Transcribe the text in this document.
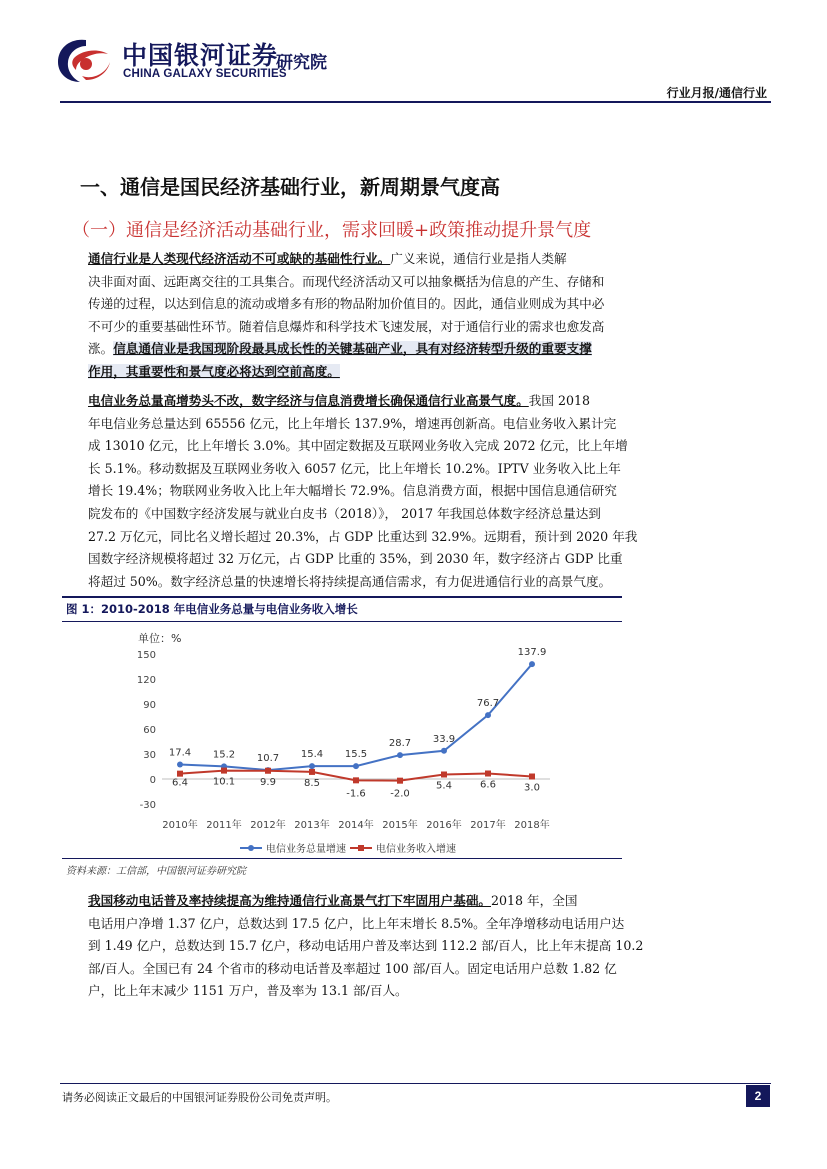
中国银河证券
CHINA GALAXY SECURITIES
研究院
行业月报/通信行业
一、通信是国民经济基础行业，新周期景气度高
（一）通信是经济活动基础行业，需求回暖+政策推动提升景气度
通信行业是人类现代经济活动不可或缺的基础性行业。广义来说，通信行业是指人类解
决非面对面、远距离交往的工具集合。而现代经济活动又可以抽象概括为信息的产生、存储和
传递的过程，以达到信息的流动或增多有形的物品附加价值目的。因此，通信业则成为其中必
不可少的重要基础性环节。随着信息爆炸和科学技术飞速发展，对于通信行业的需求也愈发高
涨。信息通信业是我国现阶段最具成长性的关键基础产业，具有对经济转型升级的重要支撑
作用，其重要性和景气度必将达到空前高度。
电信业务总量高增势头不改，数字经济与信息消费增长确保通信行业高景气度。我国 2018
年电信业务总量达到 65556 亿元，比上年增长 137.9%，增速再创新高。电信业务收入累计完
成 13010 亿元，比上年增长 3.0%。其中固定数据及互联网业务收入完成 2072 亿元，比上年增
长 5.1%。移动数据及互联网业务收入 6057 亿元，比上年增长 10.2%。IPTV 业务收入比上年
增长 19.4%；物联网业务收入比上年大幅增长 72.9%。信息消费方面，根据中国信息通信研究
院发布的《中国数字经济发展与就业白皮书（2018）》， 2017 年我国总体数字经济总量达到
27.2 万亿元，同比名义增长超过 20.3%，占 GDP 比重达到 32.9%。远期看，预计到 2020 年我
国数字经济规模将超过 32 万亿元，占 GDP 比重的 35%，到 2030 年，数字经济占 GDP 比重
将超过 50%。数字经济总量的快速增长将持续提高通信需求，有力促进通信行业的高景气度。
图 1：2010-2018 年电信业务总量与电信业务收入增长
单位：%
-30
0
30
60
90
120
150
2010年 2011年 2012年 2013年 2014年 2015年 2016年 2017年 2018年
17.4 15.2 10.7 15.4 15.5
28.7 33.9
76.7
137.9
6.4 10.1 9.9	8.5
-1.6 -2.0
5.4	6.6	3.0
电信业务总量增速	电信业务收入增速
资料来源：工信部，中国银河证券研究院
我国移动电话普及率持续提高为维持通信行业高景气打下牢固用户基础。2018 年，全国
电话用户净增 1.37 亿户，总数达到 17.5 亿户，比上年末增长 8.5%。全年净增移动电话用户达
到 1.49 亿户，总数达到 15.7 亿户，移动电话用户普及率达到 112.2 部/百人，比上年末提高 10.2
部/百人。全国已有 24 个省市的移动电话普及率超过 100 部/百人。固定电话用户总数 1.82 亿
户，比上年末减少 1151 万户，普及率为 13.1 部/百人。
请务必阅读正文最后的中国银河证券股份公司免责声明。	2
